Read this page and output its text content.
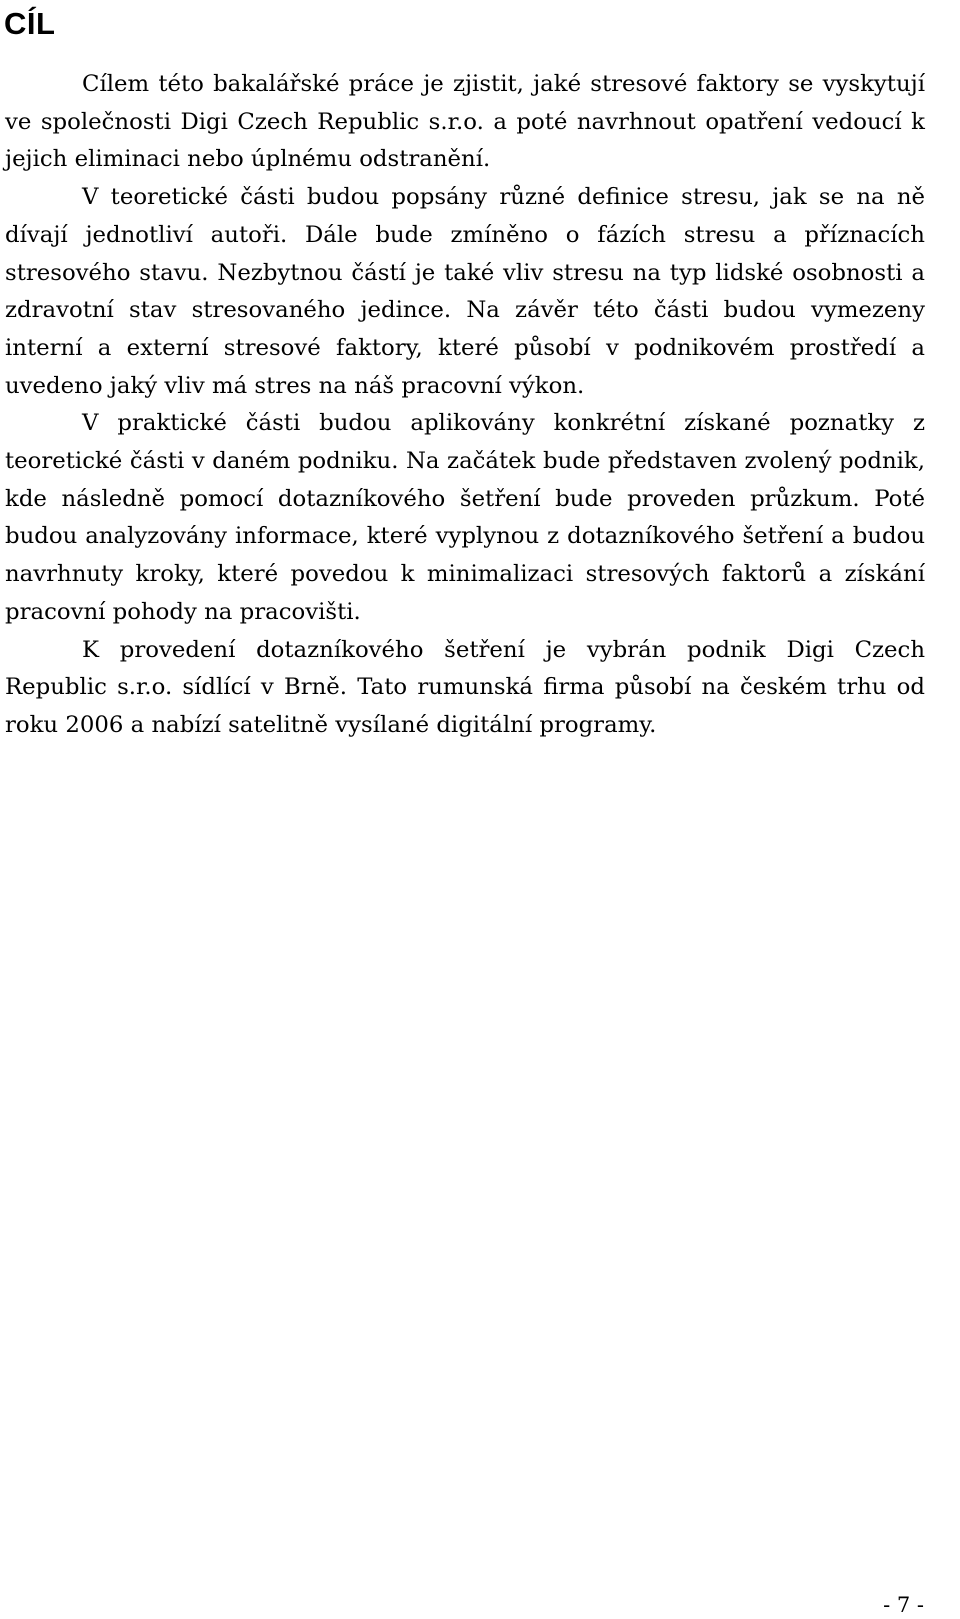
CÍL

Cílem této bakalářské práce je zjistit, jaké stresové faktory se vyskytují ve společnosti Digi Czech Republic s.r.o. a poté navrhnout opatření vedoucí k jejich eliminaci nebo úplnému odstranění.

V teoretické části budou popsány různé definice stresu, jak se na ně dívají jednotliví autoři. Dále bude zmíněno o fázích stresu a příznacích stresového stavu. Nezbytnou částí je také vliv stresu na typ lidské osobnosti a zdravotní stav stresovaného jedince. Na závěr této části budou vymezeny interní a externí stresové faktory, které působí v podnikovém prostředí a uvedeno jaký vliv má stres na náš pracovní výkon.

V praktické části budou aplikovány konkrétní získané poznatky z teoretické části v daném podniku. Na začátek bude představen zvolený podnik, kde následně pomocí dotazníkového šetření bude proveden průzkum. Poté budou analyzovány informace, které vyplynou z dotazníkového šetření a budou navrhnuty kroky, které povedou k minimalizaci stresových faktorů a získání pracovní pohody na pracovišti.

K provedení dotazníkového šetření je vybrán podnik Digi Czech Republic s.r.o. sídlící v Brně. Tato rumunská firma působí na českém trhu od roku 2006 a nabízí satelitně vysílané digitální programy.

- 7 -
